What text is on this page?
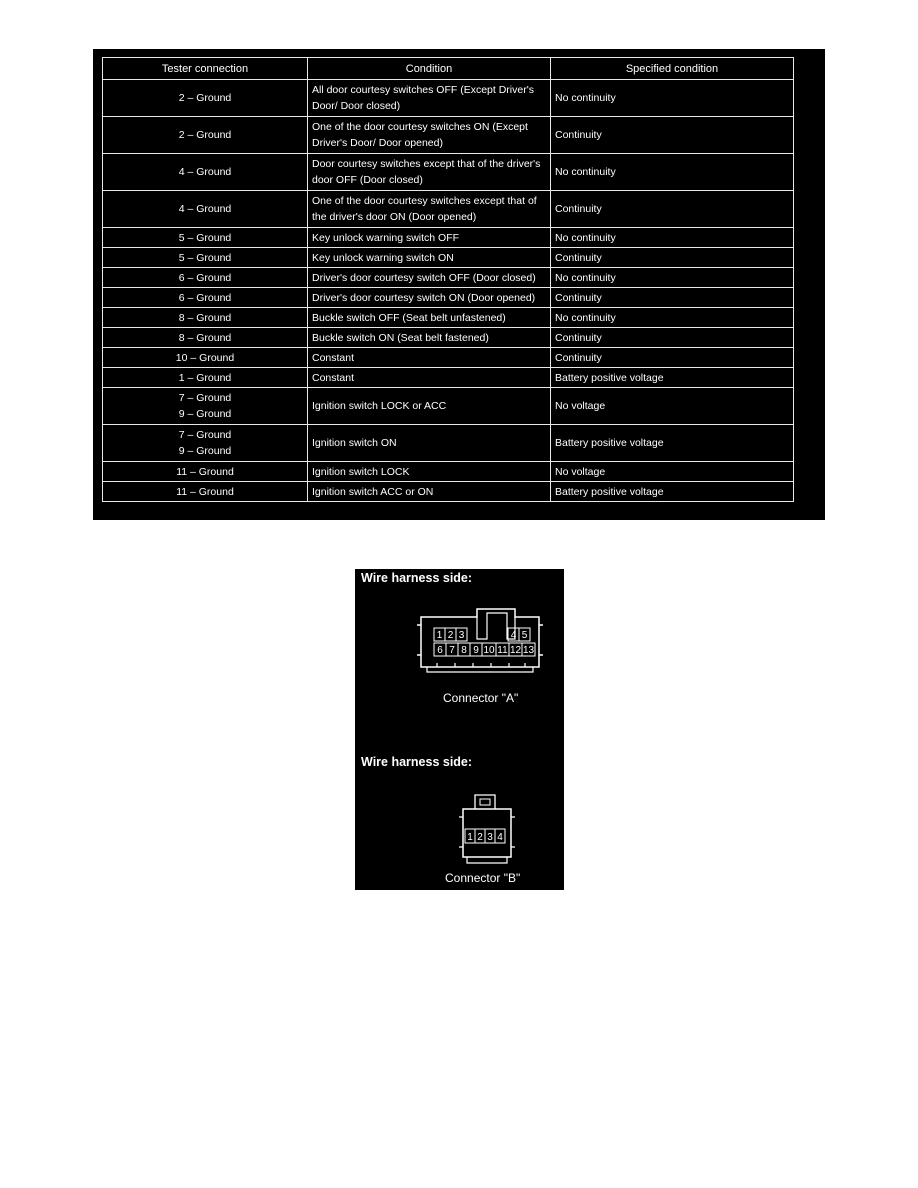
Tester connection	Condition	Specified condition

2 – Ground	All door courtesy switches OFF (Except Driver's
Door/ Door closed)	No continuity

2 – Ground	One of the door courtesy switches ON (Except
Driver's Door/ Door opened)	Continuity

4 – Ground	Door courtesy switches except that of the driver's
door OFF (Door closed)	No continuity

4 – Ground	One of the door courtesy switches except that of
the driver's door ON (Door opened)	Continuity

5 – Ground	Key unlock warning switch OFF	No continuity

5 – Ground	Key unlock warning switch ON	Continuity

6 – Ground	Driver's door courtesy switch OFF (Door closed)	No continuity

6 – Ground	Driver's door courtesy switch ON (Door opened)	Continuity

8 – Ground	Buckle switch OFF (Seat belt unfastened)	No continuity

8 – Ground	Buckle switch ON (Seat belt fastened)	Continuity

10 – Ground	Constant	Continuity

1 – Ground	Constant	Battery positive voltage

7 – Ground
9 – Ground	Ignition switch LOCK or ACC	No voltage

7 – Ground
9 – Ground	Ignition switch ON	Battery positive voltage

11 – Ground	Ignition switch LOCK	No voltage

11 – Ground	Ignition switch ACC or ON	Battery positive voltage
Wire harness side:
1 2 3	4 5
6 7 8 9 10 11 12 13
Connector "A"
Wire harness side:
1 2 3 4
Connector "B"
